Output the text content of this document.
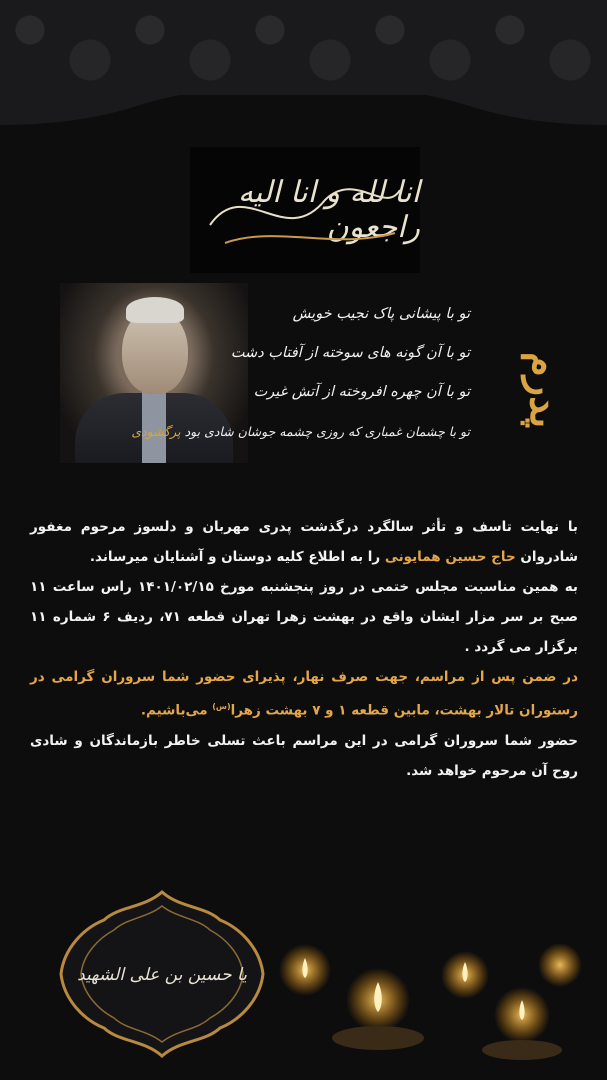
انا لله و انا الیه راجعون
پدرم
تو با پیشانی پاک نجیب خویش
تو با آن گونه های سوخته از آفتاب دشت
تو با آن چهره افروخته از آتش غیرت
تو با چشمان غمباری که روزی چشمه جوشان شادی بود پرگشودی

با نهایت تاسف و تأثر سالگرد درگذشت پدری مهربان و دلسوز مرحوم مغفور شادروان حاج حسین همایونی را به اطلاع کلیه دوستان و آشنایان میرساند.

به همین مناسبت مجلس ختمی در روز پنجشنبه مورخ ۱۴۰۱/۰۲/۱۵ راس ساعت ۱۱ صبح بر سر مزار ایشان واقع در بهشت زهرا تهران قطعه ۷۱، ردیف ۶ شماره ۱۱ برگزار می گردد .

در ضمن پس از مراسم، جهت صرف نهار، پذیرای حضور شما سروران گرامی در رستوران تالار بهشت، مابین قطعه ۱ و ۷ بهشت زهرا$^{(س)}$ می‌باشیم.

حضور شما سروران گرامی در این مراسم باعث تسلی خاطر بازماندگان و شادی روح آن مرحوم خواهد شد.

یا حسین بن علی الشهید
